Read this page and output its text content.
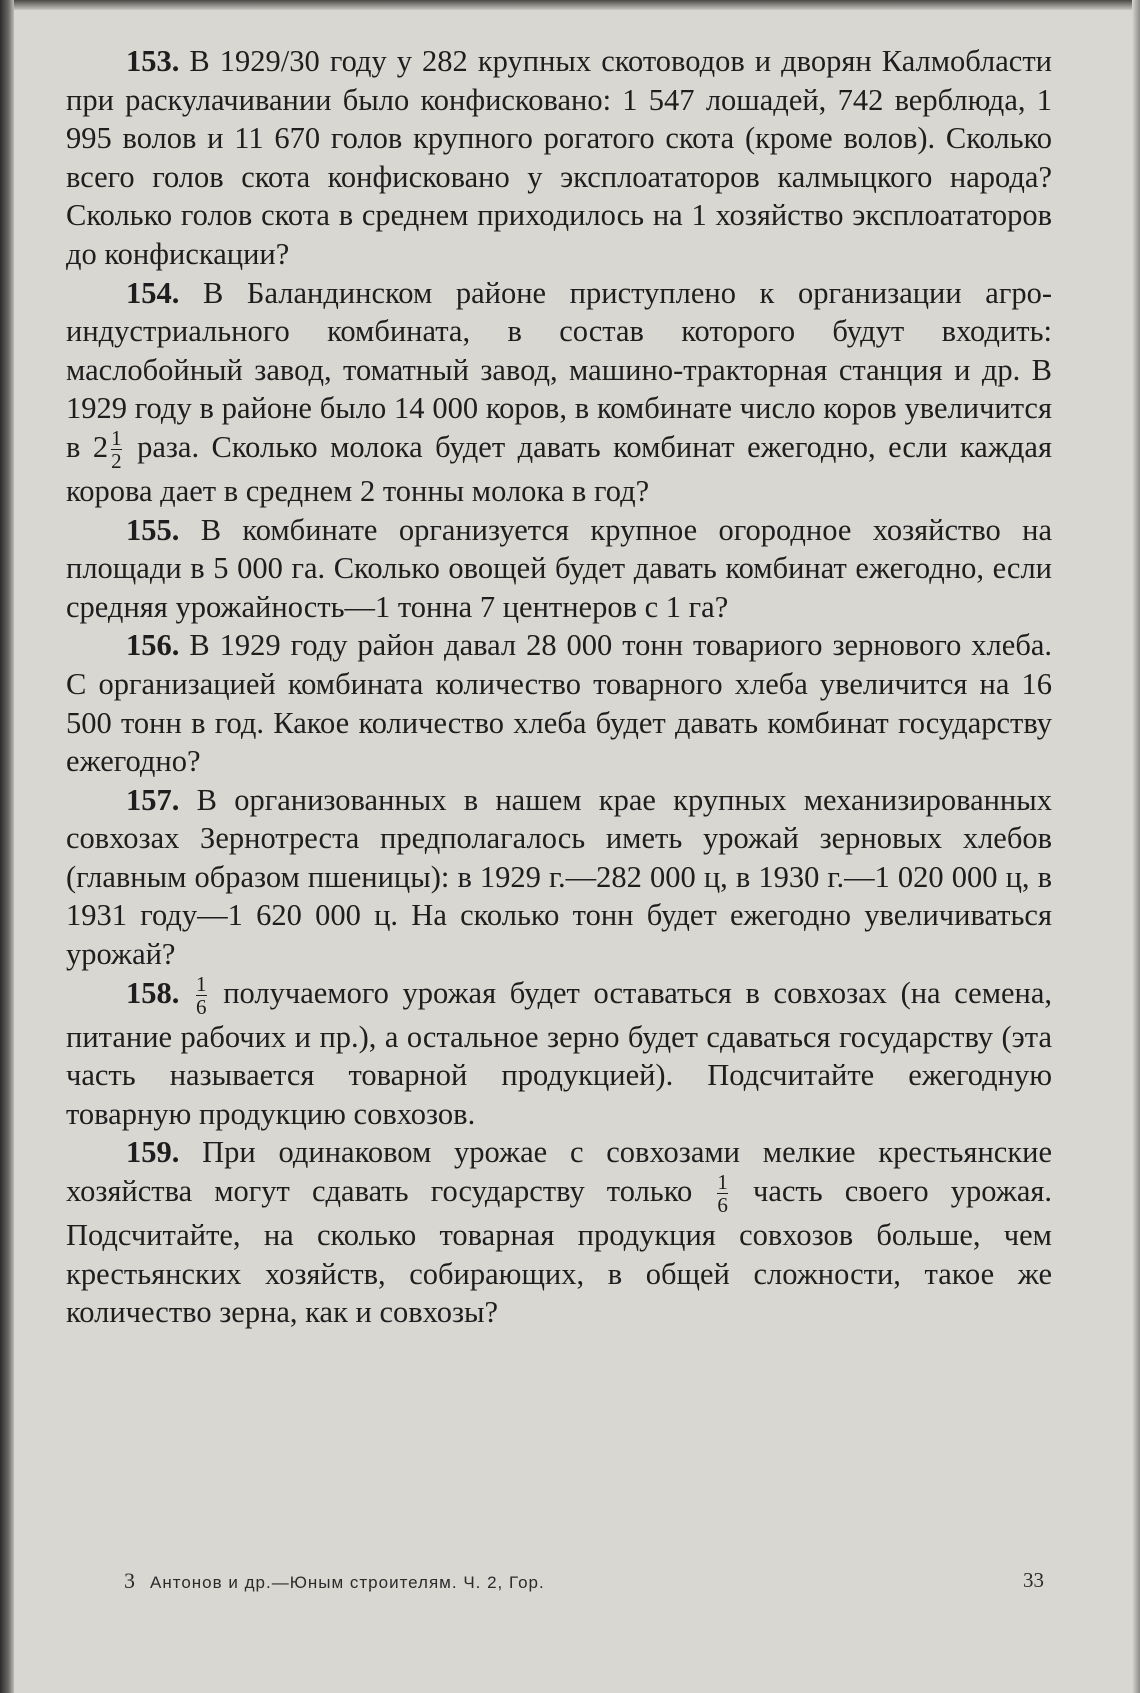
153. В 1929/30 году у 282 крупных скотоводов и дворян Калмобласти при раскулачивании было конфисковано: 1 547 лошадей, 742 верблюда, 1 995 волов и 11 670 голов крупного рогатого скота (кроме волов). Сколько всего голов скота конфисковано у эксплоататоров калмыцкого народа? Сколько голов скота в среднем приходилось на 1 хозяйство эксплоататоров до конфискации?

154. В Баландинском районе приступлено к организации агро-индустриального комбината, в состав которого будут входить: маслобойный завод, томатный завод, машино-тракторная станция и др. В 1929 году в районе было 14 000 коров, в комбинате число коров увеличится в $2 \frac{1}{2}$ раза. Сколько молока будет давать комбинат ежегодно, если каждая корова дает в среднем 2 тонны молока в год?

155. В комбинате организуется крупное огородное хозяйство на площади в 5 000 га. Сколько овощей будет давать комбинат ежегодно, если средняя урожайность—1 тонна 7 центнеров с 1 га?

156. В 1929 году район давал 28 000 тонн товариого зернового хлеба. С организацией комбината количество товарного хлеба увеличится на 16 500 тонн в год. Какое количество хлеба будет давать комбинат государству ежегодно?

157. В организованных в нашем крае крупных механизированных совхозах Зернотреста предполагалось иметь урожай зерновых хлебов (главным образом пшеницы): в 1929 г.—282 000 ц, в 1930 г.—1 020 000 ц, в 1931 году—1 620 000 ц. На сколько тонн будет ежегодно увеличиваться урожай?

158. $\frac{1}{6}$ получаемого урожая будет оставаться в совхозах (на семена, питание рабочих и пр.), а остальное зерно будет сдаваться государству (эта часть называется товарной продукцией). Подсчитайте ежегодную товарную продукцию совхозов.

159. При одинаковом урожае с совхозами мелкие крестьянские хозяйства могут сдавать государству только $\frac{1}{6}$ часть своего урожая. Подсчитайте, на сколько товарная продукция совхозов больше, чем крестьянских хозяйств, собирающих, в общей сложности, такое же количество зерна, как и совхозы?

3 Антонов и др.—Юным строителям. Ч. 2, Гор.	33
